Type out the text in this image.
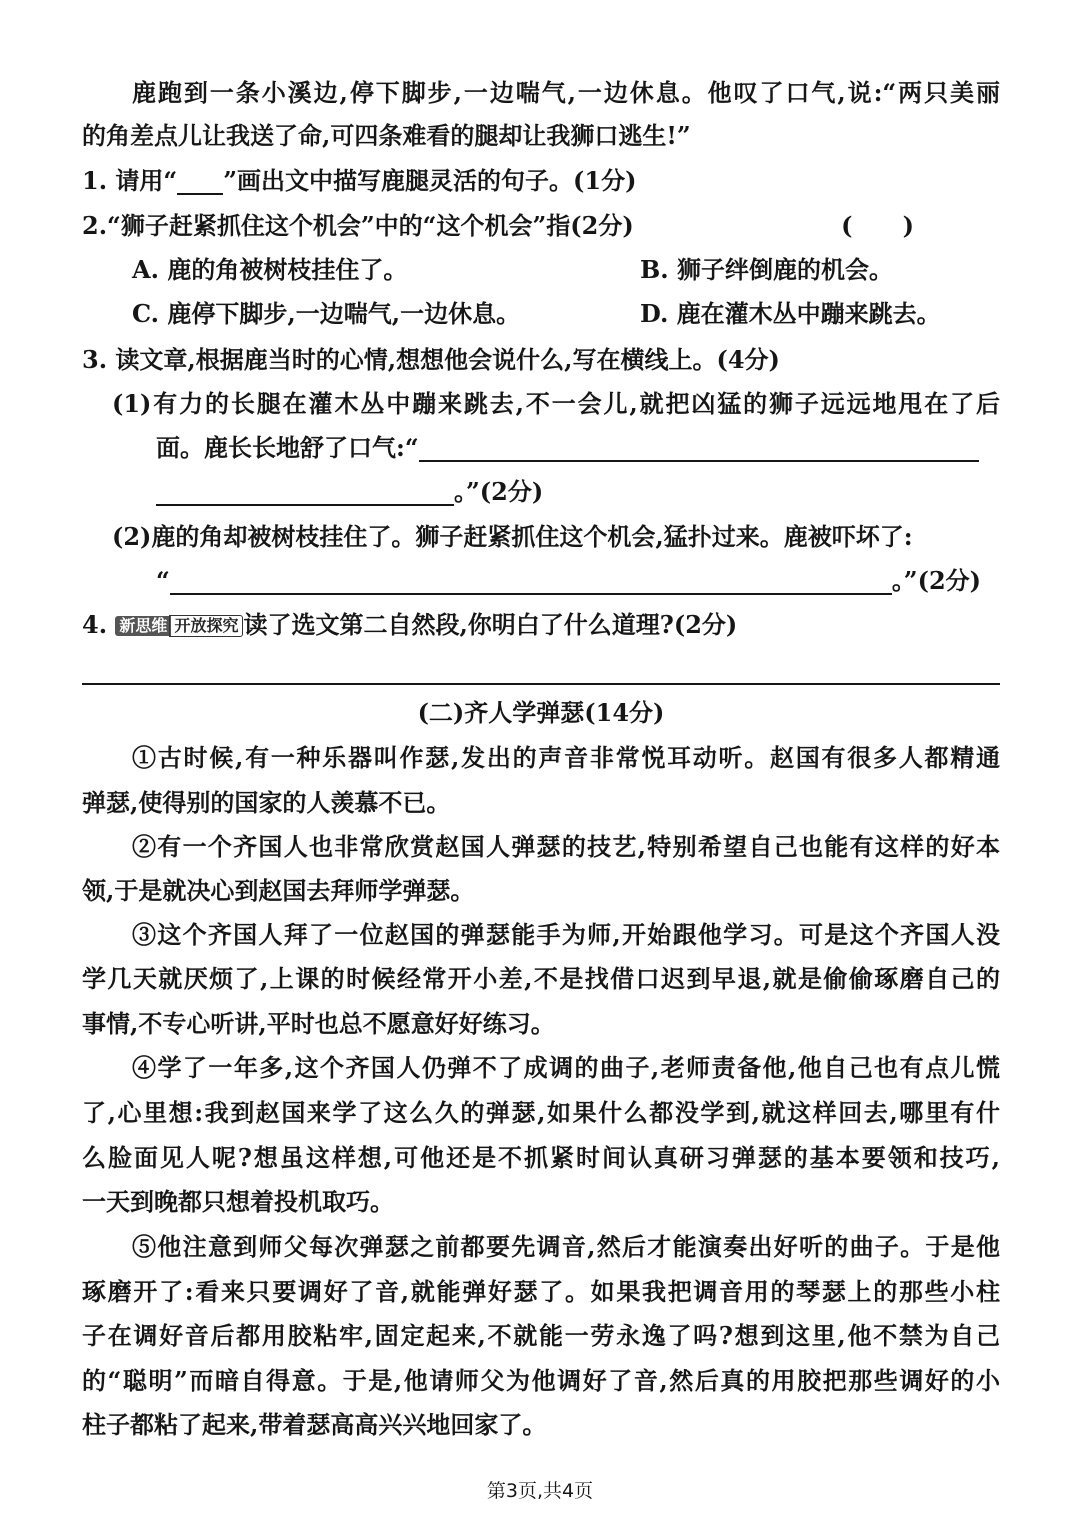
鹿跑到一条小溪边,停下脚步,一边喘气,一边休息。他叹了口气,说:“两只美丽
的角差点儿让我送了命,可四条难看的腿却让我狮口逃生!”
1. 请用“ ”画出文中描写鹿腿灵活的句子。(1分)
2.“狮子赶紧抓住这个机会”中的“这个机会”指(2分)	(      )
A. 鹿的角被树枝挂住了。	B. 狮子绊倒鹿的机会。
C. 鹿停下脚步,一边喘气,一边休息。	D. 鹿在灌木丛中蹦来跳去。
3. 读文章,根据鹿当时的心情,想想他会说什么,写在横线上。(4分)
(1)有力的长腿在灌木丛中蹦来跳去,不一会儿,就把凶猛的狮子远远地甩在了后
面。鹿长长地舒了口气:“
。”(2分)
(2)鹿的角却被树枝挂住了。狮子赶紧抓住这个机会,猛扑过来。鹿被吓坏了:
“	。”(2分)
4. 新思维 开放探究 读了选文第二自然段,你明白了什么道理?(2分)
(二)齐人学弹瑟(14分)
①古时候,有一种乐器叫作瑟,发出的声音非常悦耳动听。赵国有很多人都精通
弹瑟,使得别的国家的人羡慕不已。
②有一个齐国人也非常欣赏赵国人弹瑟的技艺,特别希望自己也能有这样的好本
领,于是就决心到赵国去拜师学弹瑟。
③这个齐国人拜了一位赵国的弹瑟能手为师,开始跟他学习。可是这个齐国人没
学几天就厌烦了,上课的时候经常开小差,不是找借口迟到早退,就是偷偷琢磨自己的
事情,不专心听讲,平时也总不愿意好好练习。
④学了一年多,这个齐国人仍弹不了成调的曲子,老师责备他,他自己也有点儿慌
了,心里想:我到赵国来学了这么久的弹瑟,如果什么都没学到,就这样回去,哪里有什
么脸面见人呢?想虽这样想,可他还是不抓紧时间认真研习弹瑟的基本要领和技巧,
一天到晚都只想着投机取巧。
⑤他注意到师父每次弹瑟之前都要先调音,然后才能演奏出好听的曲子。于是他
琢磨开了:看来只要调好了音,就能弹好瑟了。如果我把调音用的琴瑟上的那些小柱
子在调好音后都用胶粘牢,固定起来,不就能一劳永逸了吗?想到这里,他不禁为自己
的“聪明”而暗自得意。于是,他请师父为他调好了音,然后真的用胶把那些调好的小
柱子都粘了起来,带着瑟高高兴兴地回家了。
第3页,共4页
